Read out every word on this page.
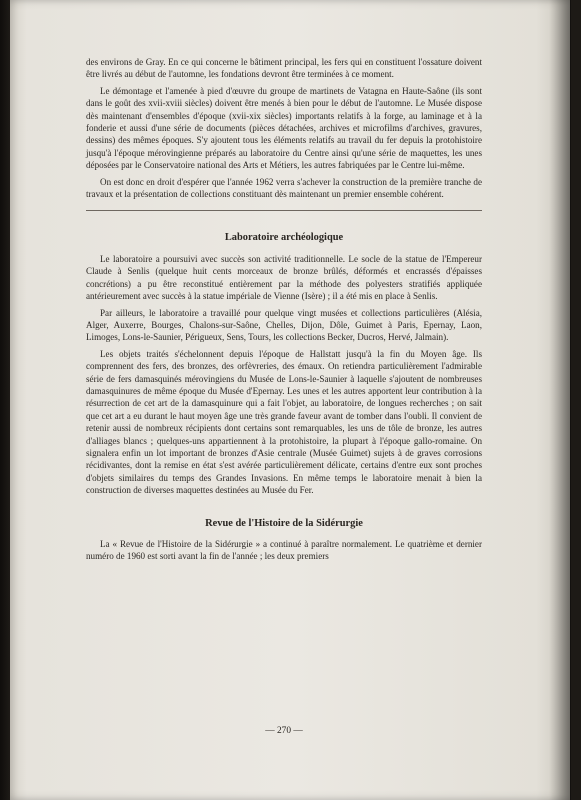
des environs de Gray. En ce qui concerne le bâtiment principal, les fers qui en constituent l'ossature doivent être livrés au début de l'automne, les fondations devront être terminées à ce moment.

Le démontage et l'amenée à pied d'œuvre du groupe de martinets de Vatagna en Haute-Saône (ils sont dans le goût des xvii-xviii siècles) doivent être menés à bien pour le début de l'automne. Le Musée dispose dès maintenant d'ensembles d'époque (xvii-xix siècles) importants relatifs à la forge, au laminage et à la fonderie et aussi d'une série de documents (pièces détachées, archives et microfilms d'archives, gravures, dessins) des mêmes époques. S'y ajoutent tous les éléments relatifs au travail du fer depuis la protohistoire jusqu'à l'époque mérovingienne préparés au laboratoire du Centre ainsi qu'une série de maquettes, les unes déposées par le Conservatoire national des Arts et Métiers, les autres fabriquées par le Centre lui-même.

On est donc en droit d'espérer que l'année 1962 verra s'achever la construction de la première tranche de travaux et la présentation de collections constituant dès maintenant un premier ensemble cohérent.

Laboratoire archéologique

Le laboratoire a poursuivi avec succès son activité traditionnelle. Le socle de la statue de l'Empereur Claude à Senlis (quelque huit cents morceaux de bronze brûlés, déformés et encrassés d'épaisses concrétions) a pu être reconstitué entièrement par la méthode des polyesters stratifiés appliquée antérieurement avec succès à la statue impériale de Vienne (Isère) ; il a été mis en place à Senlis.

Par ailleurs, le laboratoire a travaillé pour quelque vingt musées et collections particulières (Alésia, Alger, Auxerre, Bourges, Chalons-sur-Saône, Chelles, Dijon, Dôle, Guimet à Paris, Epernay, Laon, Limoges, Lons-le-Saunier, Périgueux, Sens, Tours, les collections Becker, Ducros, Hervé, Jalmain).

Les objets traités s'échelonnent depuis l'époque de Hallstatt jusqu'à la fin du Moyen âge. Ils comprennent des fers, des bronzes, des orfèvreries, des émaux. On retiendra particulièrement l'admirable série de fers damasquinés mérovingiens du Musée de Lons-le-Saunier à laquelle s'ajoutent de nombreuses damasquinures de même époque du Musée d'Epernay. Les unes et les autres apportent leur contribution à la résurrection de cet art de la damasquinure qui a fait l'objet, au laboratoire, de longues recherches ; on sait que cet art a eu durant le haut moyen âge une très grande faveur avant de tomber dans l'oubli. Il convient de retenir aussi de nombreux récipients dont certains sont remarquables, les uns de tôle de bronze, les autres d'alliages blancs ; quelques-uns appartiennent à la protohistoire, la plupart à l'époque gallo-romaine. On signalera enfin un lot important de bronzes d'Asie centrale (Musée Guimet) sujets à de graves corrosions récidivantes, dont la remise en état s'est avérée particulièrement délicate, certains d'entre eux sont proches d'objets similaires du temps des Grandes Invasions. En même temps le laboratoire menait à bien la construction de diverses maquettes destinées au Musée du Fer.

Revue de l'Histoire de la Sidérurgie

La « Revue de l'Histoire de la Sidérurgie » a continué à paraître normalement. Le quatrième et dernier numéro de 1960 est sorti avant la fin de l'année ; les deux premiers

— 270 —
